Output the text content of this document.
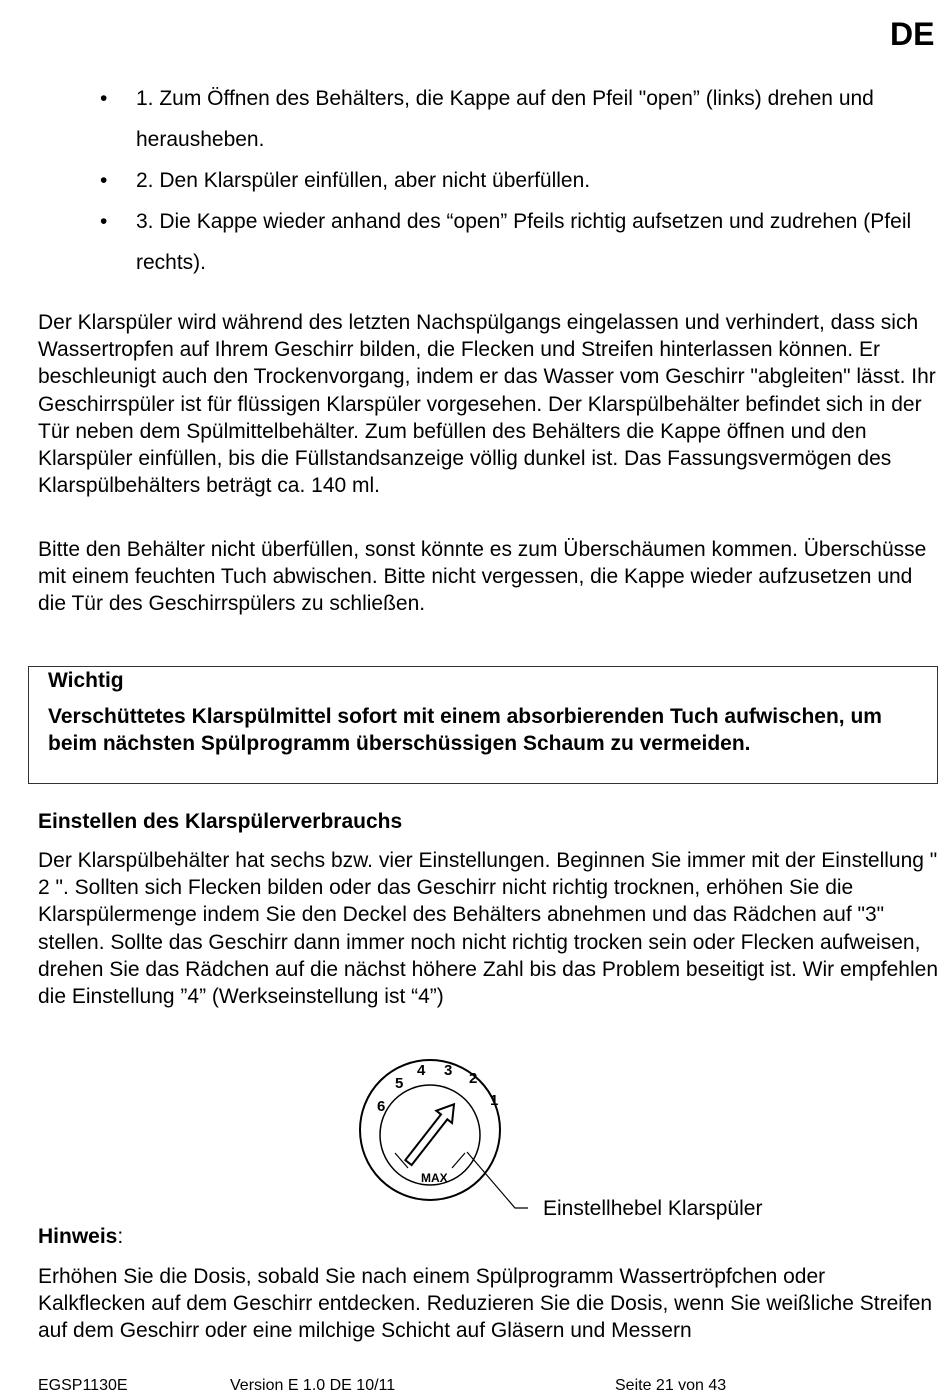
DE
• 1. Zum Öffnen des Behälters, die Kappe auf den Pfeil "open” (links) drehen und herausheben.
• 2. Den Klarspüler einfüllen, aber nicht überfüllen.
• 3. Die Kappe wieder anhand des “open” Pfeils richtig aufsetzen und zudrehen (Pfeil rechts).

Der Klarspüler wird während des letzten Nachspülgangs eingelassen und verhindert, dass sich Wassertropfen auf Ihrem Geschirr bilden, die Flecken und Streifen hinterlassen können. Er beschleunigt auch den Trockenvorgang, indem er das Wasser vom Geschirr "abgleiten" lässt. Ihr Geschirrspüler ist für flüssigen Klarspüler vorgesehen. Der Klarspülbehälter befindet sich in der Tür neben dem Spülmittelbehälter. Zum befüllen des Behälters die Kappe öffnen und den Klarspüler einfüllen, bis die Füllstandsanzeige völlig dunkel ist. Das Fassungsvermögen des Klarspülbehälters beträgt ca. 140 ml.

Bitte den Behälter nicht überfüllen, sonst könnte es zum Überschäumen kommen. Überschüsse mit einem feuchten Tuch abwischen. Bitte nicht vergessen, die Kappe wieder aufzusetzen und die Tür des Geschirrspülers zu schließen.

Wichtig
Verschüttetes Klarspülmittel sofort mit einem absorbierenden Tuch aufwischen, um beim nächsten Spülprogramm überschüssigen Schaum zu vermeiden.
Einstellen des Klarspülerverbrauchs

Der Klarspülbehälter hat sechs bzw. vier Einstellungen. Beginnen Sie immer mit der Einstellung " 2 ". Sollten sich Flecken bilden oder das Geschirr nicht richtig trocknen, erhöhen Sie die Klarspülermenge indem Sie den Deckel des Behälters abnehmen und das Rädchen auf "3" stellen. Sollte das Geschirr dann immer noch nicht richtig trocken sein oder Flecken aufweisen, drehen Sie das Rädchen auf die nächst höhere Zahl bis das Problem beseitigt ist. Wir empfehlen die Einstellung ”4” (Werkseinstellung ist “4”)

1
2
3
4
5
6
MAX
Einstellhebel Klarspüler
Hinweis:

Erhöhen Sie die Dosis, sobald Sie nach einem Spülprogramm Wassertröpfchen oder Kalkflecken auf dem Geschirr entdecken. Reduzieren Sie die Dosis, wenn Sie weißliche Streifen auf dem Geschirr oder eine milchige Schicht auf Gläsern und Messern

EGSP1130E	Version E 1.0 DE 10/11	Seite 21 von 43
